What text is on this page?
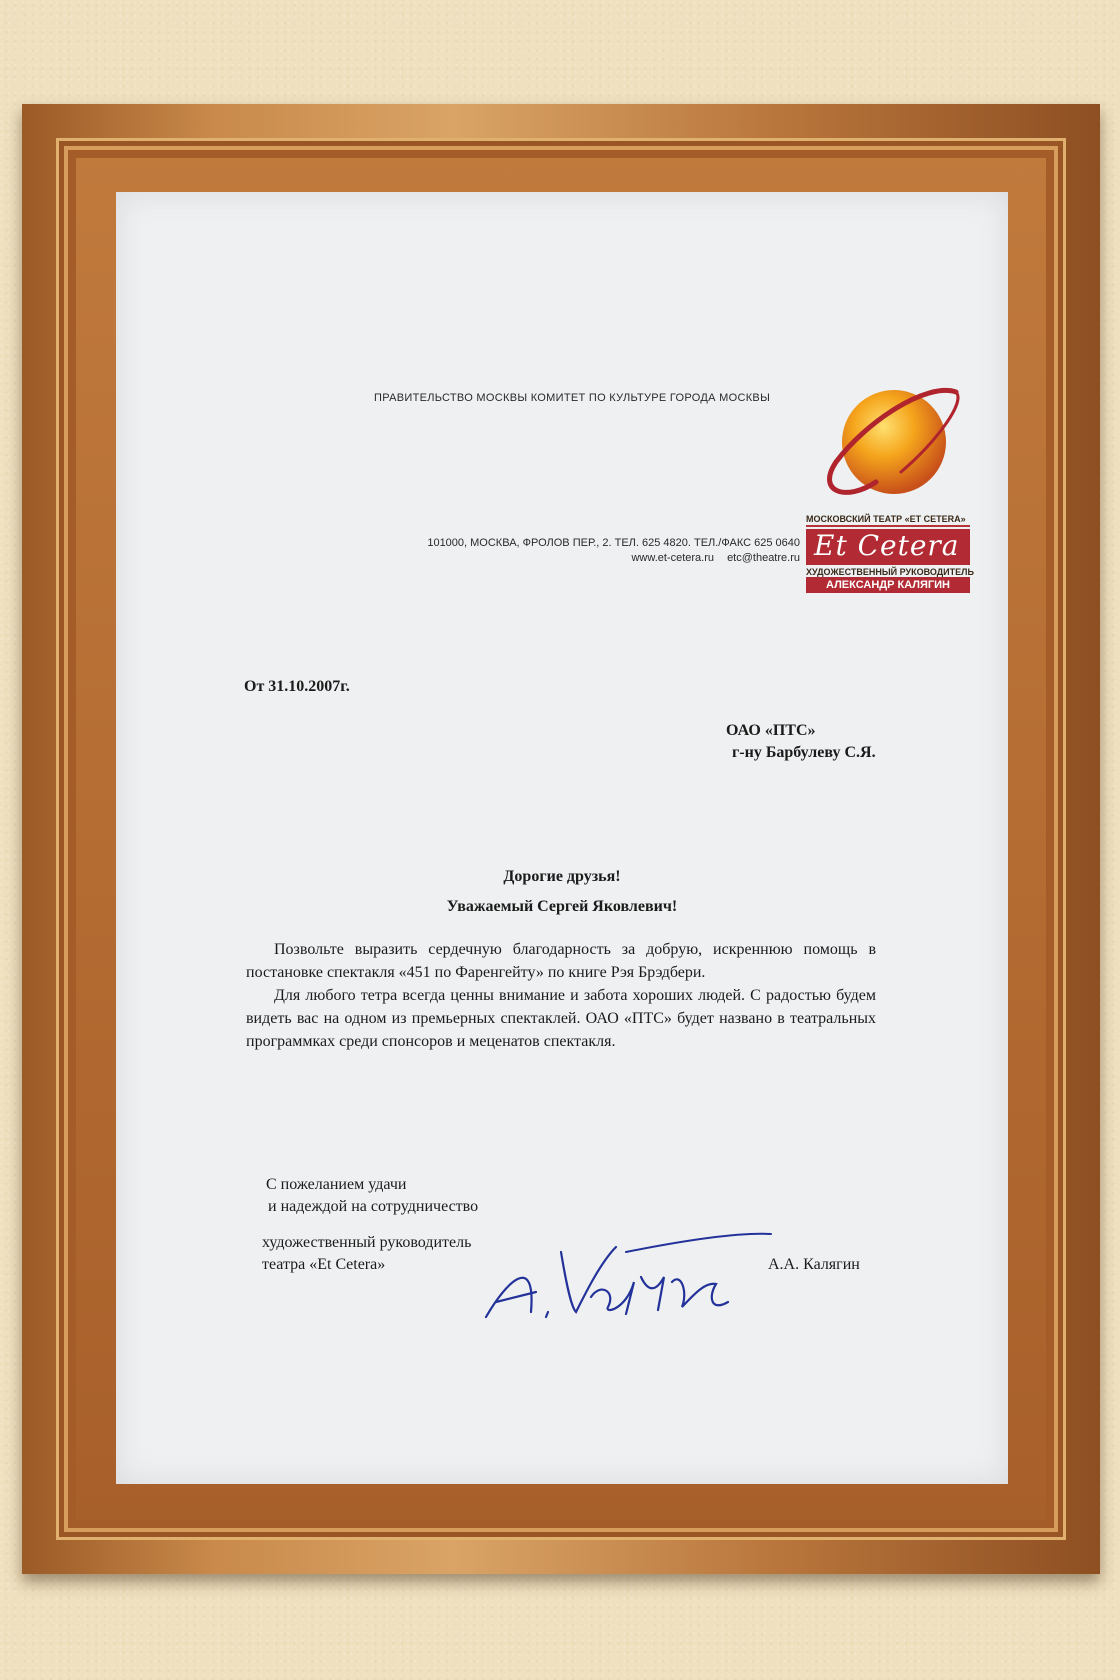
ПРАВИТЕЛЬСТВО МОСКВЫ КОМИТЕТ ПО КУЛЬТУРЕ ГОРОДА МОСКВЫ
101000, МОСКВА, ФРОЛОВ ПЕР., 2. ТЕЛ. 625 4820. ТЕЛ./ФАКС 625 0640
www.et-cetera.ru etc@theatre.ru
МОСКОВСКИЙ ТЕАТР «ET CETERA»
Et Cetera
ХУДОЖЕСТВЕННЫЙ РУКОВОДИТЕЛЬ
АЛЕКСАНДР КАЛЯГИН
От 31.10.2007г.
ОАО «ПТС»
г-ну Барбулеву С.Я.
Дорогие друзья!
Уважаемый Сергей Яковлевич!

Позвольте выразить сердечную благодарность за добрую, искреннюю помощь в постановке спектакля «451 по Фаренгейту» по книге Рэя Брэдбери.

Для любого тетра всегда ценны внимание и забота хороших людей. С радостью будем видеть вас на одном из премьерных спектаклей. ОАО «ПТС» будет названо в театральных программках среди спонсоров и меценатов спектакля.

С пожеланием удачи
и надеждой на сотрудничество
художественный руководитель
театра «Et Cetera»	А.А. Калягин
